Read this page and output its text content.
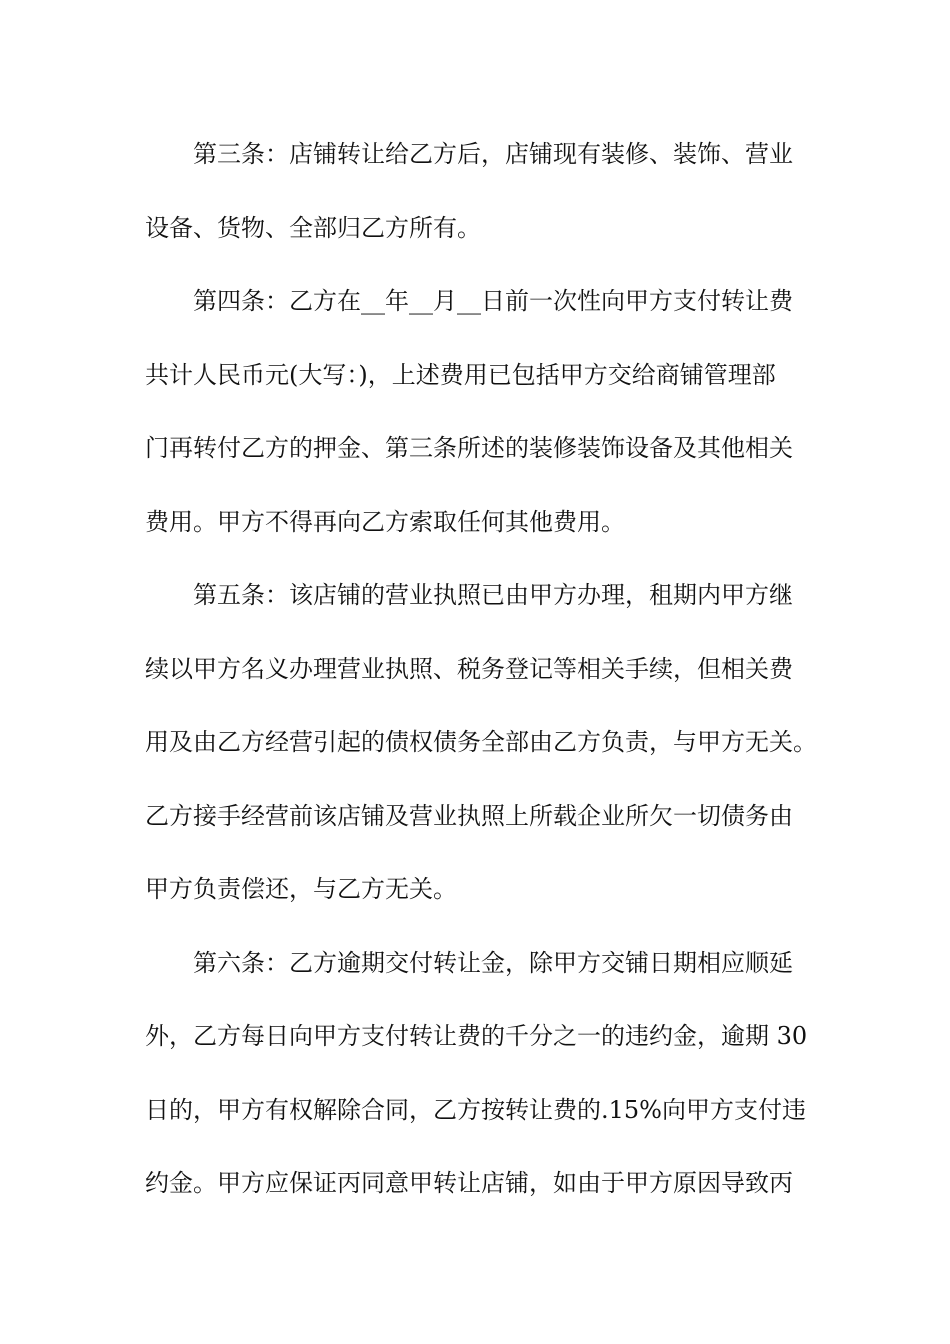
第三条：店铺转让给乙方后，店铺现有装修、装饰、营业
设备、货物、全部归乙方所有。
第四条：乙方在__年__月__日前一次性向甲方支付转让费
共计人民币元(大写：)，上述费用已包括甲方交给商铺管理部
门再转付乙方的押金、第三条所述的装修装饰设备及其他相关
费用。甲方不得再向乙方索取任何其他费用。
第五条：该店铺的营业执照已由甲方办理，租期内甲方继
续以甲方名义办理营业执照、税务登记等相关手续，但相关费
用及由乙方经营引起的债权债务全部由乙方负责，与甲方无关。
乙方接手经营前该店铺及营业执照上所载企业所欠一切债务由
甲方负责偿还，与乙方无关。
第六条：乙方逾期交付转让金，除甲方交铺日期相应顺延
外，乙方每日向甲方支付转让费的千分之一的违约金，逾期 30
日的，甲方有权解除合同，乙方按转让费的.15%向甲方支付违
约金。甲方应保证丙同意甲转让店铺，如由于甲方原因导致丙
